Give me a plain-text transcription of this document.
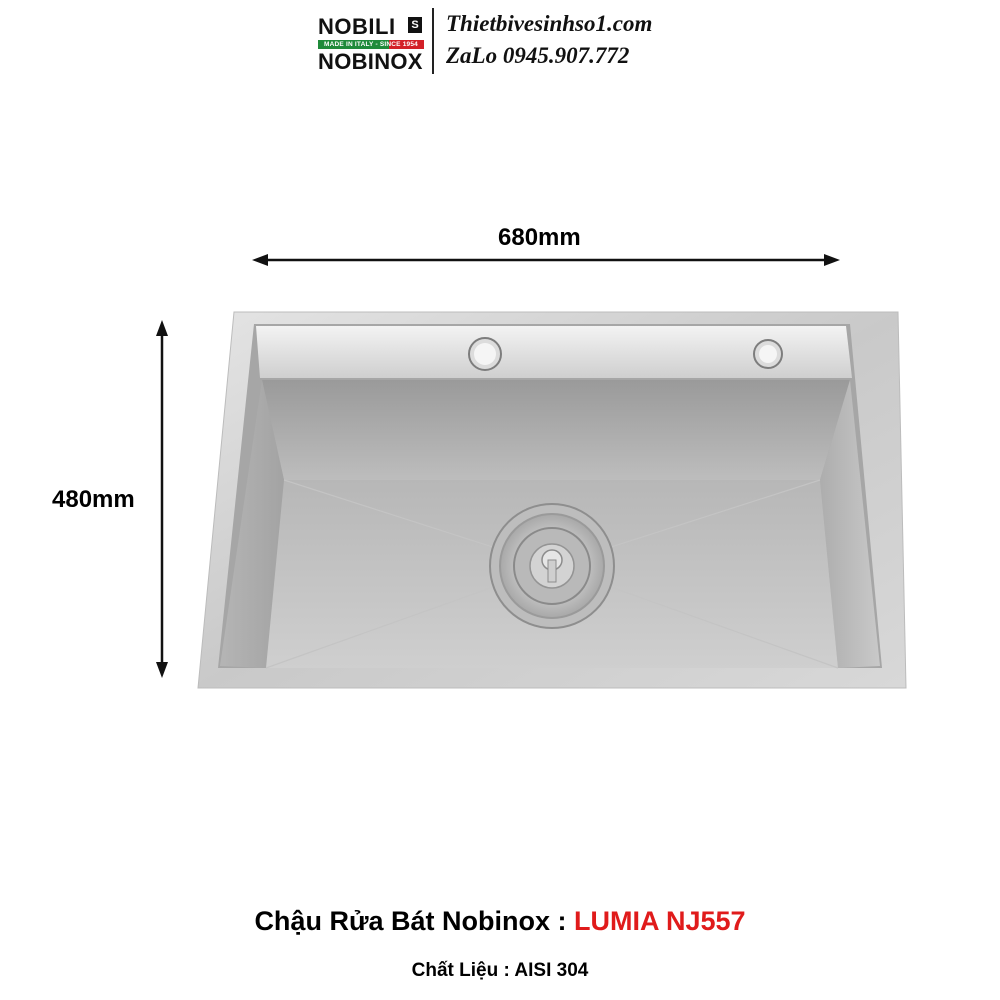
NOBILI	S
MADE IN ITALY - SINCE 1954
NOBINOX
Thietbivesinhso1.com
ZaLo 0945.907.772
680mm
480mm
Chậu Rửa Bát Nobinox : LUMIA NJ557
Chất Liệu : AISI 304
